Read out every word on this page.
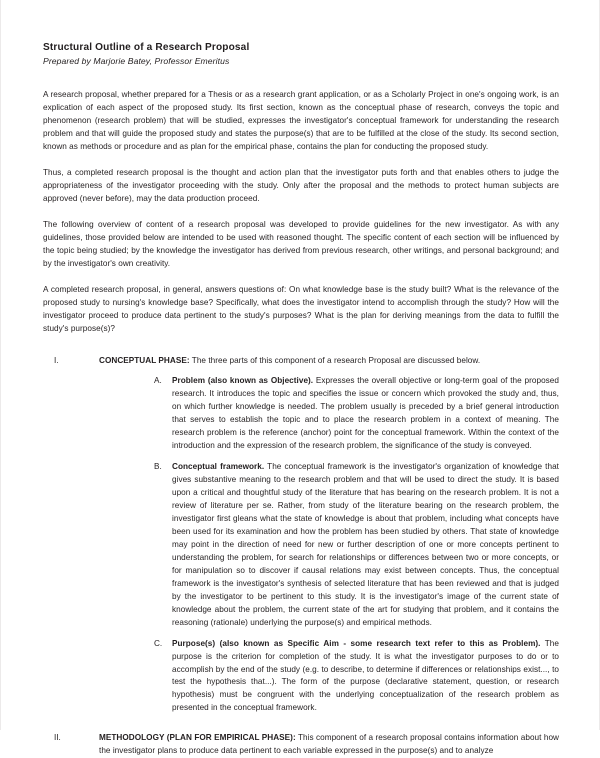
Structural Outline of a Research Proposal

Prepared by Marjorie Batey, Professor Emeritus

A research proposal, whether prepared for a Thesis or as a research grant application, or as a Scholarly Project in one's ongoing work, is an explication of each aspect of the proposed study. Its first section, known as the conceptual phase of research, conveys the topic and phenomenon (research problem) that will be studied, expresses the investigator's conceptual framework for understanding the research problem and that will guide the proposed study and states the purpose(s) that are to be fulfilled at the close of the study. Its second section, known as methods or procedure and as plan for the empirical phase, contains the plan for conducting the proposed study.

Thus, a completed research proposal is the thought and action plan that the investigator puts forth and that enables others to judge the appropriateness of the investigator proceeding with the study. Only after the proposal and the methods to protect human subjects are approved (never before), may the data production proceed.

The following overview of content of a research proposal was developed to provide guidelines for the new investigator. As with any guidelines, those provided below are intended to be used with reasoned thought. The specific content of each section will be influenced by the topic being studied; by the knowledge the investigator has derived from previous research, other writings, and personal background; and by the investigator's own creativity.

A completed research proposal, in general, answers questions of: On what knowledge base is the study built? What is the relevance of the proposed study to nursing's knowledge base? Specifically, what does the investigator intend to accomplish through the study? How will the investigator proceed to produce data pertinent to the study's purposes? What is the plan for deriving meanings from the data to fulfill the study's purpose(s)?

I.	CONCEPTUAL PHASE: The three parts of this component of a research Proposal are discussed below.
A.	Problem (also known as Objective). Expresses the overall objective or long-term goal of the proposed research. It introduces the topic and specifies the issue or concern which provoked the study and, thus, on which further knowledge is needed. The problem usually is preceded by a brief general introduction that serves to establish the topic and to place the research problem in a context of meaning. The research problem is the reference (anchor) point for the conceptual framework. Within the context of the introduction and the expression of the research problem, the significance of the study is conveyed.
B.	Conceptual framework. The conceptual framework is the investigator's organization of knowledge that gives substantive meaning to the research problem and that will be used to direct the study. It is based upon a critical and thoughtful study of the literature that has bearing on the research problem. It is not a review of literature per se. Rather, from study of the literature bearing on the research problem, the investigator first gleans what the state of knowledge is about that problem, including what concepts have been used for its examination and how the problem has been studied by others. That state of knowledge may point in the direction of need for new or further description of one or more concepts pertinent to understanding the problem, for search for relationships or differences between two or more concepts, or for manipulation so to discover if causal relations may exist between concepts. Thus, the conceptual framework is the investigator's synthesis of selected literature that has been reviewed and that is judged by the investigator to be pertinent to this study. It is the investigator's image of the current state of knowledge about the problem, the current state of the art for studying that problem, and it contains the reasoning (rationale) underlying the purpose(s) and empirical methods.
C.	Purpose(s) (also known as Specific Aim - some research text refer to this as Problem). The purpose is the criterion for completion of the study. It is what the investigator purposes to do or to accomplish by the end of the study (e.g. to describe, to determine if differences or relationships exist..., to test the hypothesis that...). The form of the purpose (declarative statement, question, or research hypothesis) must be congruent with the underlying conceptualization of the research problem as presented in the conceptual framework.
II.	METHODOLOGY (PLAN FOR EMPIRICAL PHASE): This component of a research proposal contains information about how the investigator plans to produce data pertinent to each variable expressed in the purpose(s) and to analyze
